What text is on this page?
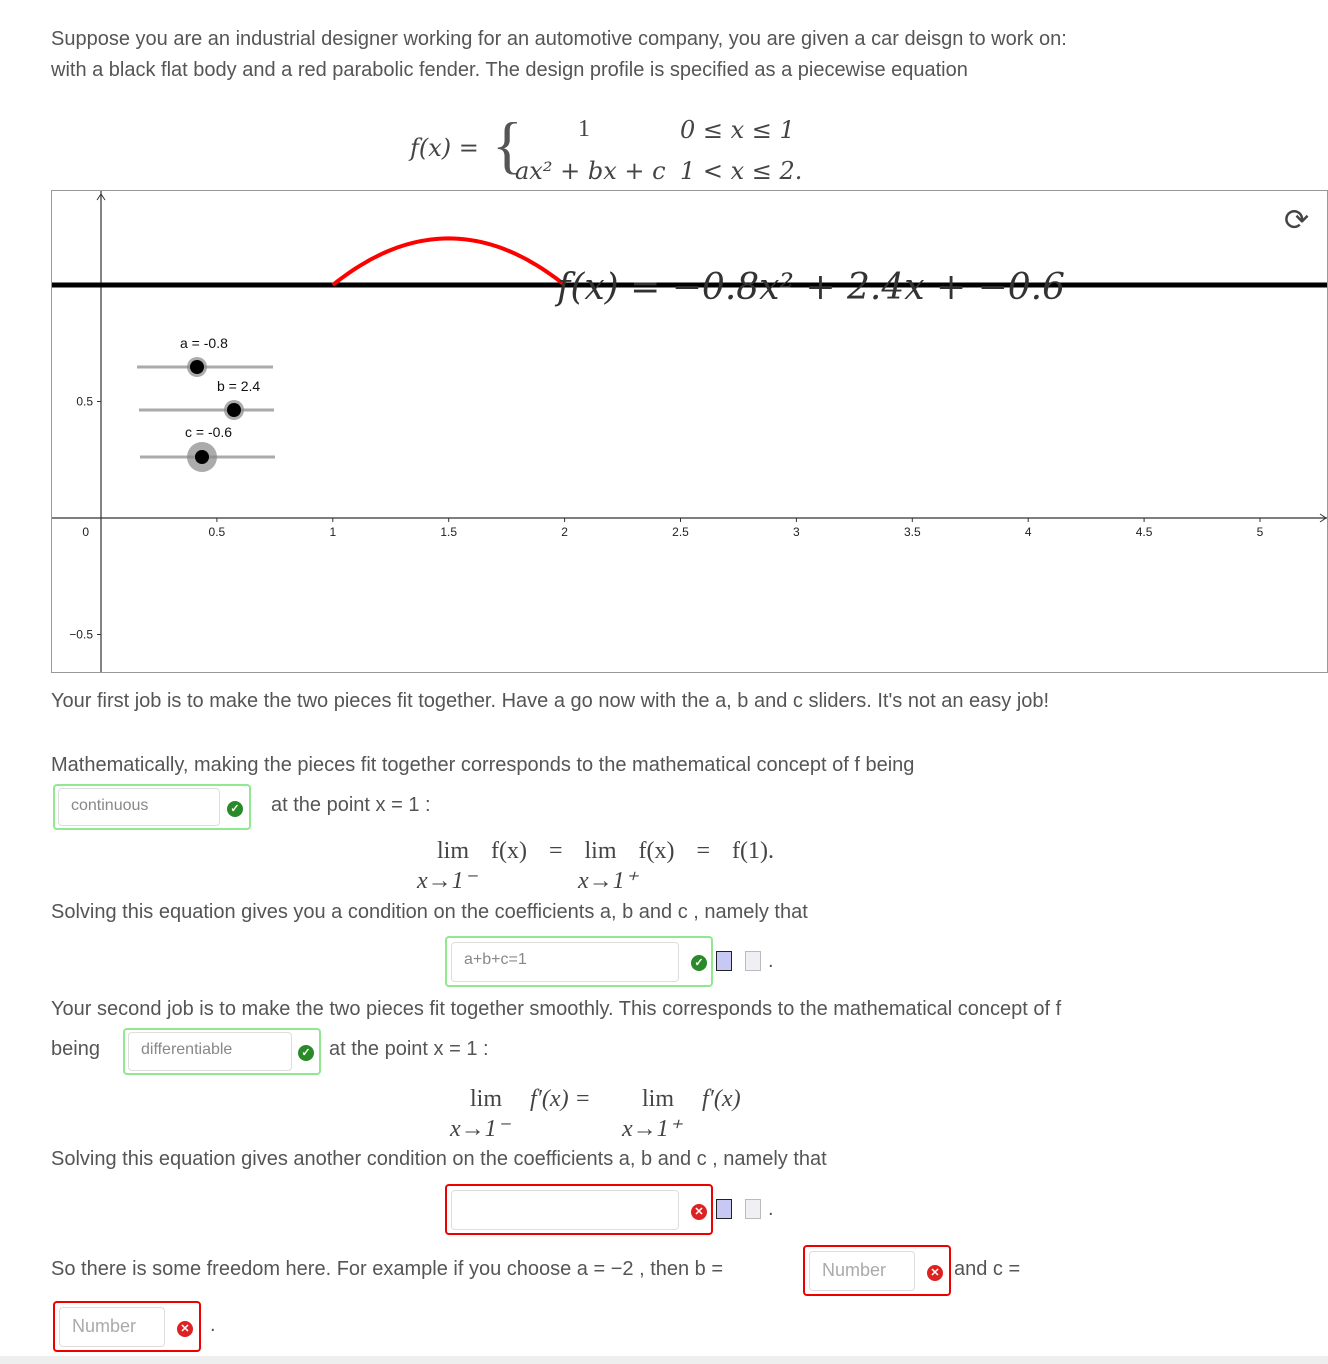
Suppose you are an industrial designer working for an automotive company, you are given a car deisgn to work on:
with a black flat body and a red parabolic fender. The design profile is specified as a piecewise equation
f(x) = { 1	0 ≤ x ≤ 1
ax² + bx + c 1 < x ≤ 2.
0.5	1	1.5	2	2.5	3	3.5	4	4.5	5
0.5
−0.5
0
a = -0.8
b = 2.4
c = -0.6
f(x) = −0.8x² + 2.4x + −0.6
⟳
Your first job is to make the two pieces fit together. Have a go now with the a, b and c sliders. It's not an easy job!
Mathematically, making the pieces fit together corresponds to the mathematical concept of f being
continuous	✓ at the point x = 1 :
lim f(x) = lim f(x) = f(1).
x→1⁻	x→1⁺
Solving this equation gives you a condition on the coefficients a, b and c , namely that
a+b+c=1	✓	.
Your second job is to make the two pieces fit together smoothly. This corresponds to the mathematical concept of f
being	differentiable	✓ at the point x = 1 :
lim f′(x) = lim f′(x)
x→1⁻	x→1⁺
Solving this equation gives another condition on the coefficients a, b and c , namely that
✕	.
So there is some freedom here. For example if you choose a = −2 , then b =	Number	✕ and c =
Number	✕ .
